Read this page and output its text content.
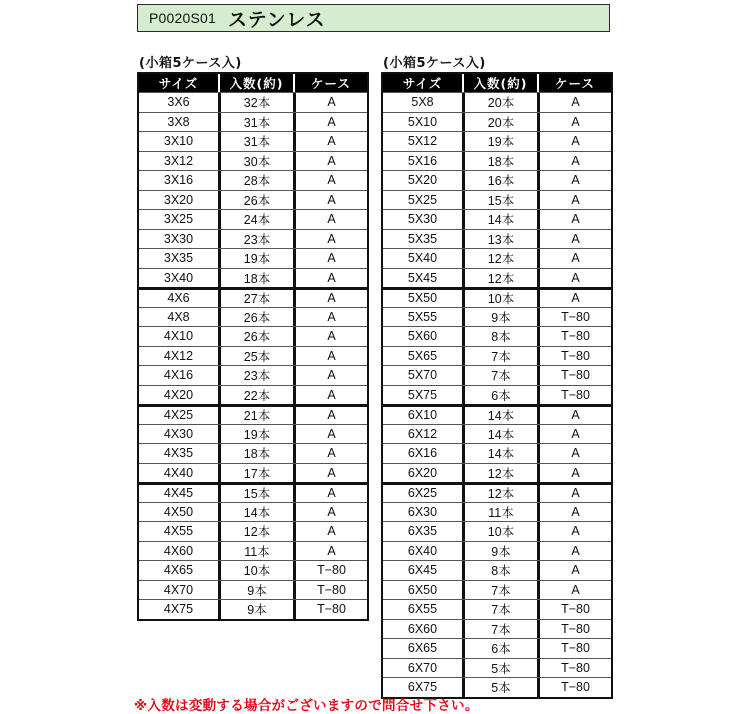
P0020S01 ステンレス
(小箱5ケース入)	(小箱5ケース入)
サイズ	入数(約)	ケース
3X6	32本	A
3X8	31本	A
3X10	31本	A
3X12	30本	A
3X16	28本	A
3X20	26本	A
3X25	24本	A
3X30	23本	A
3X35	19本	A
3X40	18本	A
4X6	27本	A
4X8	26本	A
4X10	26本	A
4X12	25本	A
4X16	23本	A
4X20	22本	A
4X25	21本	A
4X30	19本	A
4X35	18本	A
4X40	17本	A
4X45	15本	A
4X50	14本	A
4X55	12本	A
4X60	11本	A
4X65	10本	T−80
4X70	9本	T−80
4X75	9本	T−80
サイズ	入数(約)	ケース
5X8	20本	A
5X10	20本	A
5X12	19本	A
5X16	18本	A
5X20	16本	A
5X25	15本	A
5X30	14本	A
5X35	13本	A
5X40	12本	A
5X45	12本	A
5X50	10本	A
5X55	9本	T−80
5X60	8本	T−80
5X65	7本	T−80
5X70	7本	T−80
5X75	6本	T−80
6X10	14本	A
6X12	14本	A
6X16	14本	A
6X20	12本	A
6X25	12本	A
6X30	11本	A
6X35	10本	A
6X40	9本	A
6X45	8本	A
6X50	7本	A
6X55	7本	T−80
6X60	7本	T−80
6X65	6本	T−80
6X70	5本	T−80
6X75	5本	T−80
※入数は変動する場合がございますので問合せ下さい。
